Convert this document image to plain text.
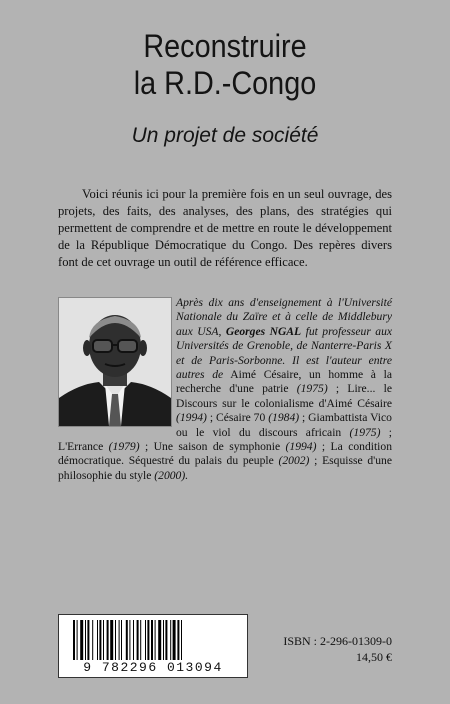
Reconstruire
la R.D.-Congo
Un projet de société

Voici réunis ici pour la première fois en un seul ouvrage, des projets, des faits, des analyses, des plans, des stratégies qui permettent de comprendre et de mettre en route le développement de la République Démocratique du Congo. Des repères divers font de cet ouvrage un outil de référence efficace.

Après dix ans d'enseignement à l'Université Nationale du Zaïre et à celle de Middlebury aux USA, Georges NGAL fut professeur aux Universités de Grenoble, de Nanterre-Paris X et de Paris-Sorbonne. Il est l'auteur entre autres de Aimé Césaire, un homme à la recherche d'une patrie (1975) ; Lire... le Discours sur le colonialisme d'Aimé Césaire (1994) ; Césaire 70 (1984) ; Giambattista Vico ou le viol du discours africain (1975) ; L'Errance (1979) ; Une saison de symphonie (1994) ; La condition démocratique. Séquestré du palais du peuple (2002) ; Esquisse d'une philosophie du style (2000).

9 782296 013094
ISBN : 2-296-01309-0
14,50 €
